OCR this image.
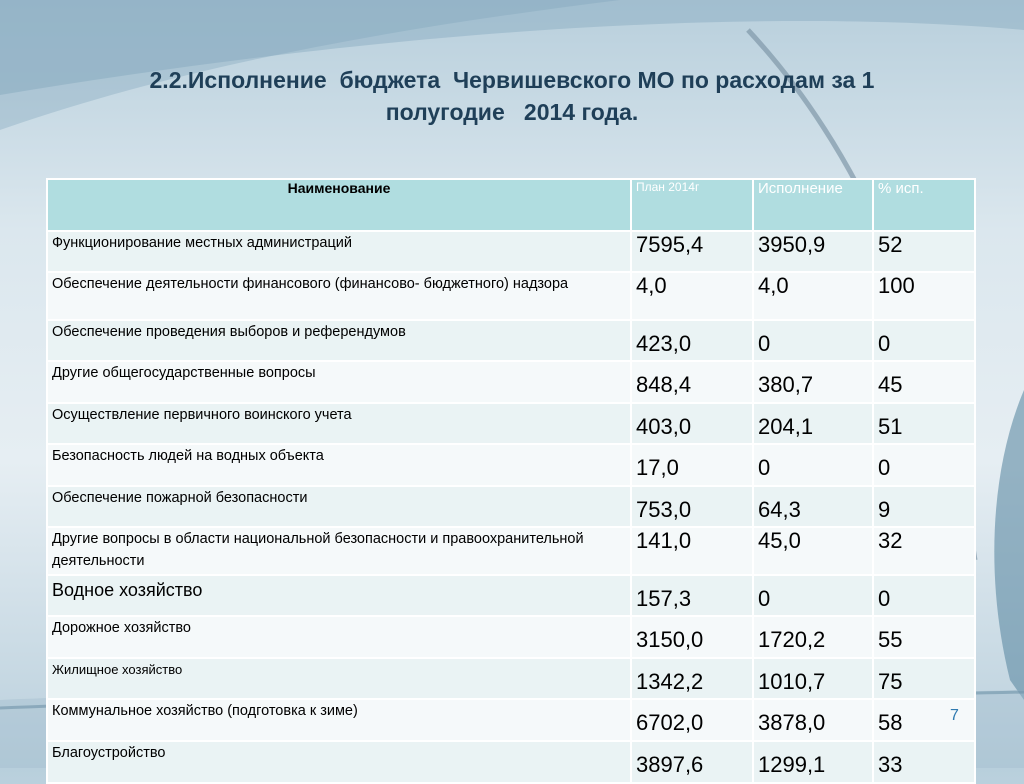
2.2.Исполнение  бюджета  Червишевского МО по расходам за 1
полугодие   2014 года.
Наименование	План 2014г	Исполнение	% исп.
Функционирование местных администраций	7595,4	3950,9	52
Обеспечение деятельности финансового (финансово- бюджетного) надзора	4,0	4,0	100
Обеспечение проведения выборов и референдумов	423,0	0	0
Другие общегосударственные вопросы	848,4	380,7	45
Осуществление первичного воинского учета	403,0	204,1	51
Безопасность людей на водных объекта	17,0	0	0
Обеспечение пожарной безопасности	753,0	64,3	9
Другие вопросы в области национальной безопасности и правоохранительной деятельности	141,0	45,0	32
Водное хозяйство	157,3	0	0
Дорожное хозяйство	3150,0	1720,2	55
Жилищное хозяйство	1342,2	1010,7	75
Коммунальное хозяйство (подготовка к зиме)	6702,0	3878,0	58
Благоустройство	3897,6	1299,1	33
7
